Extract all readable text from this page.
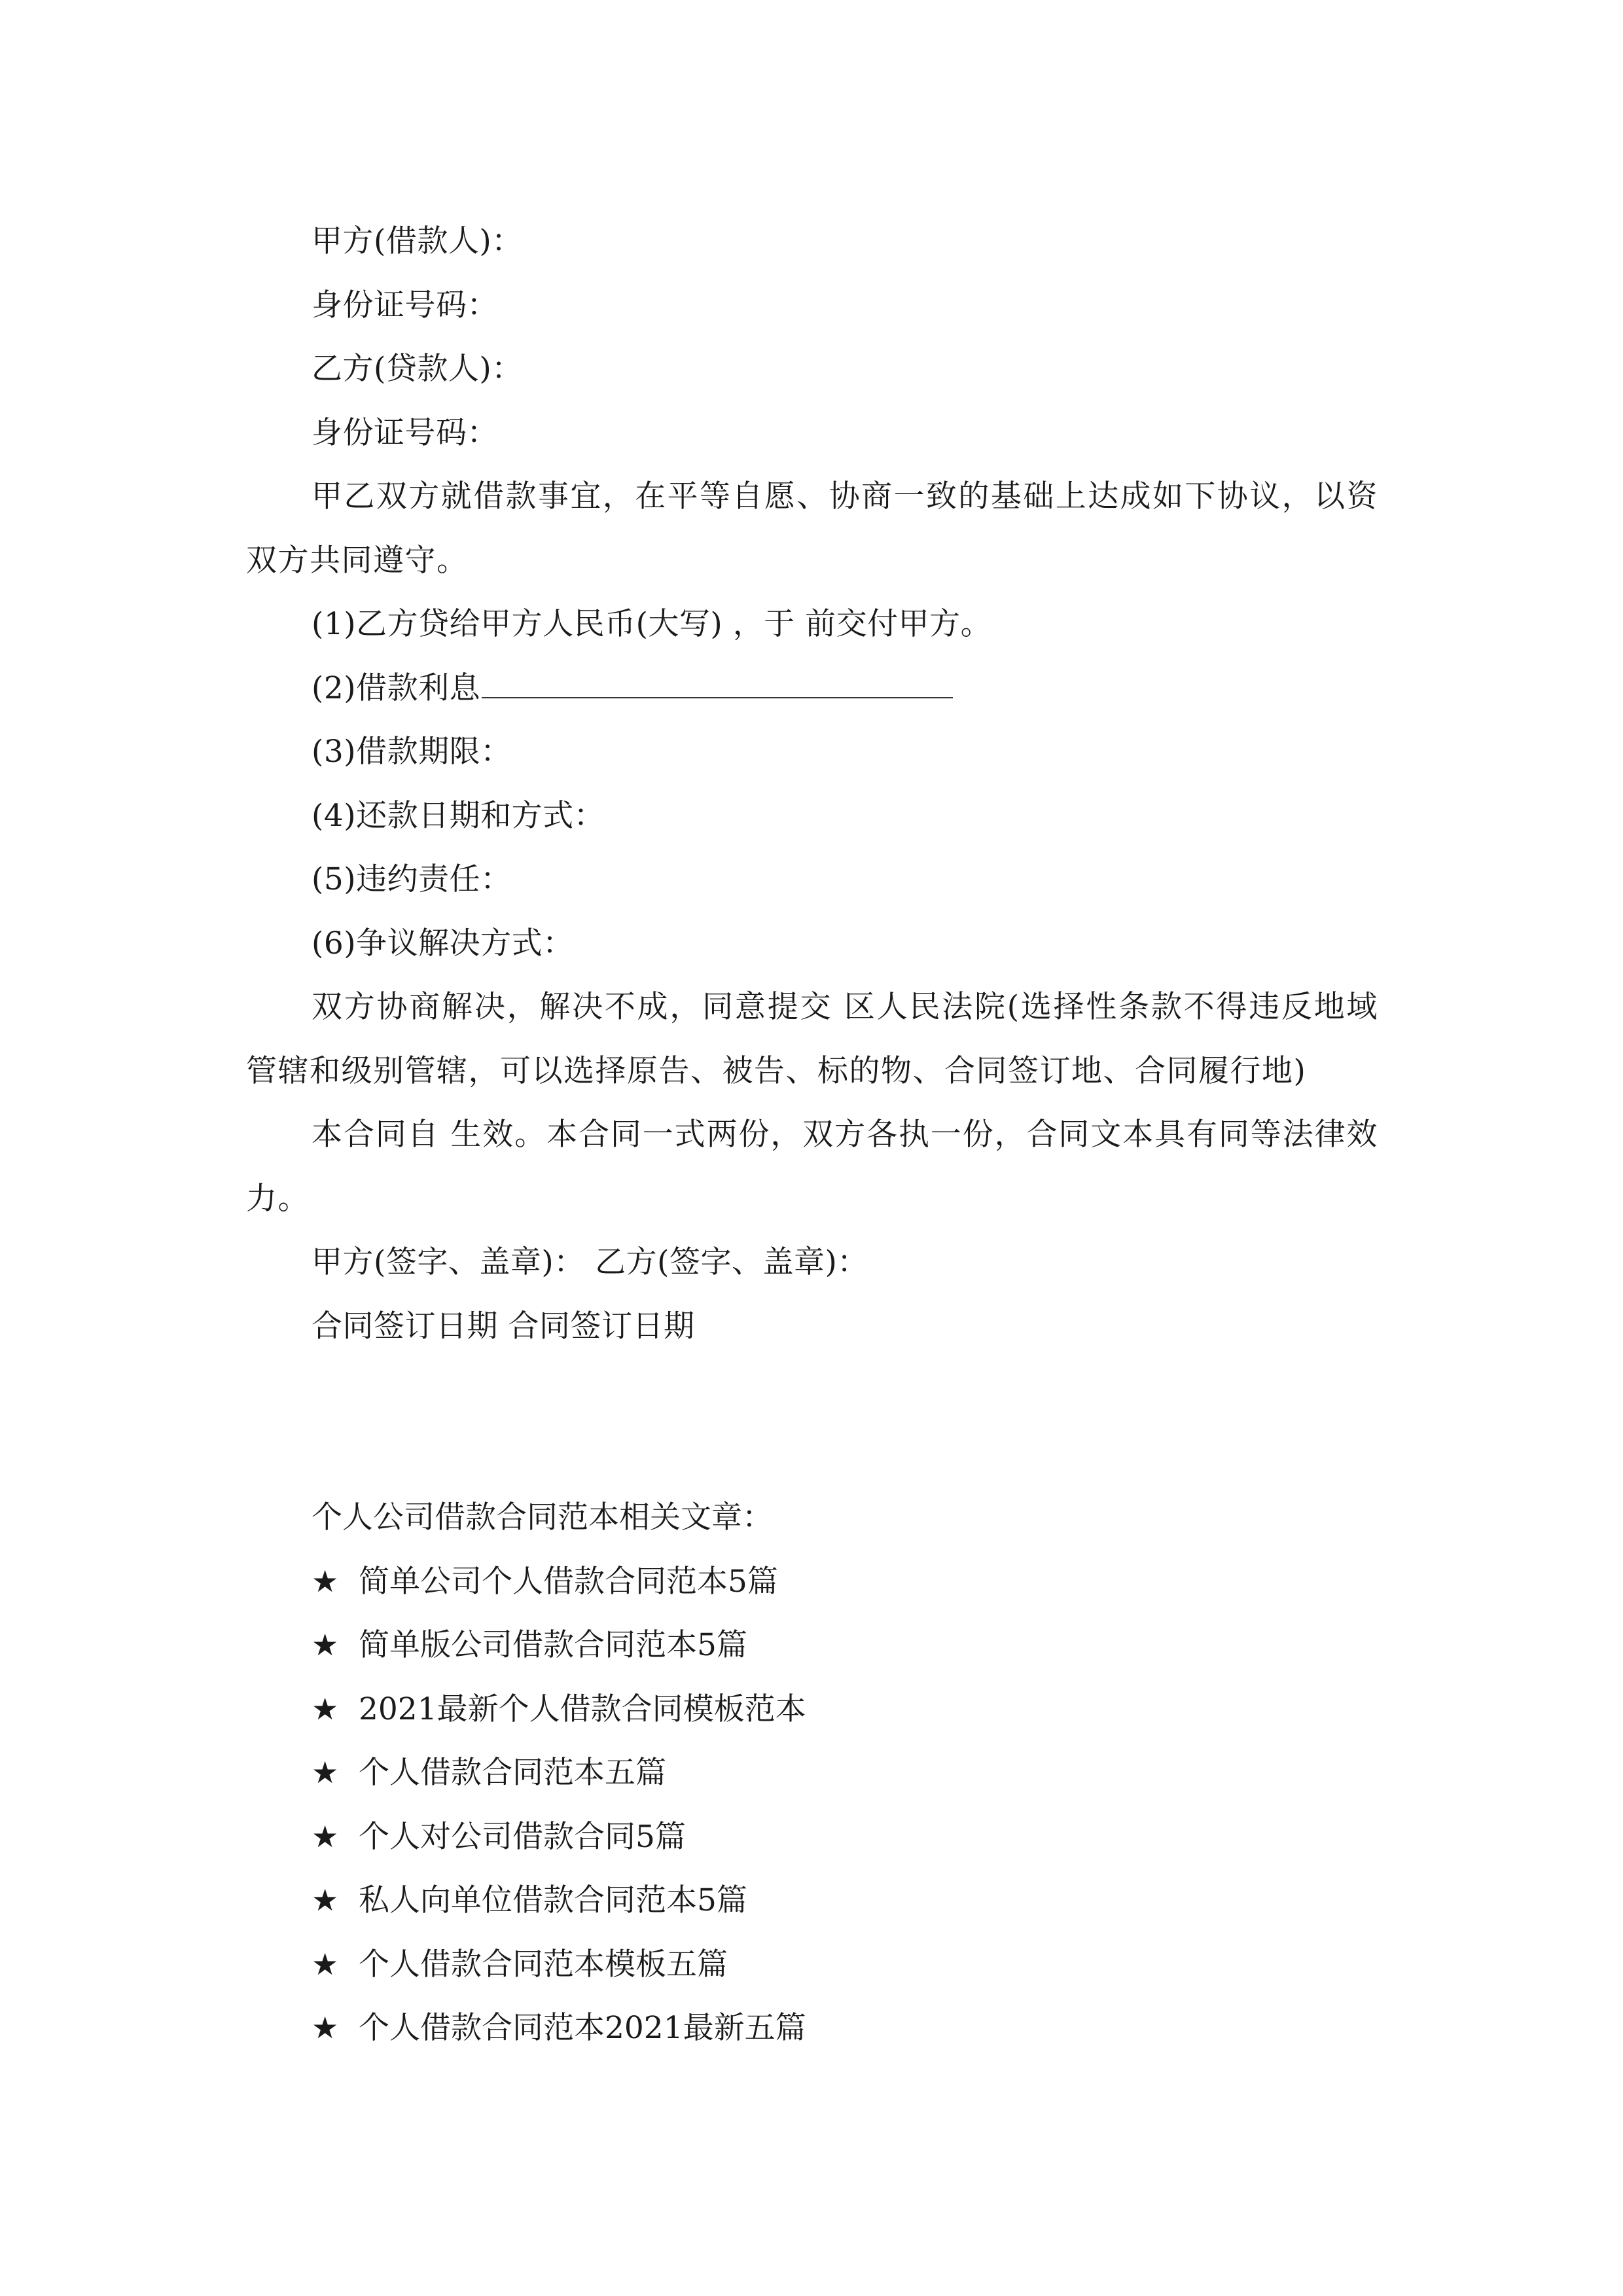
甲方(借款人)：
身份证号码：
乙方(贷款人)：
身份证号码：
甲乙双方就借款事宜，在平等自愿、协商一致的基础上达成如下协议，以资双方共同遵守。
(1)乙方贷给甲方人民币(大写) ，于 前交付甲方。
(2)借款利息
(3)借款期限：
(4)还款日期和方式：
(5)违约责任：
(6)争议解决方式：
双方协商解决，解决不成，同意提交 区人民法院(选择性条款不得违反地域管辖和级别管辖，可以选择原告、被告、标的物、合同签订地、合同履行地)
本合同自 生效。本合同一式两份，双方各执一份，合同文本具有同等法律效力。
甲方(签字、盖章)： 乙方(签字、盖章)：
合同签订日期 合同签订日期
个人公司借款合同范本相关文章：
★ 简单公司个人借款合同范本5篇
★ 简单版公司借款合同范本5篇
★ 2021最新个人借款合同模板范本
★ 个人借款合同范本五篇
★ 个人对公司借款合同5篇
★ 私人向单位借款合同范本5篇
★ 个人借款合同范本模板五篇
★ 个人借款合同范本2021最新五篇
